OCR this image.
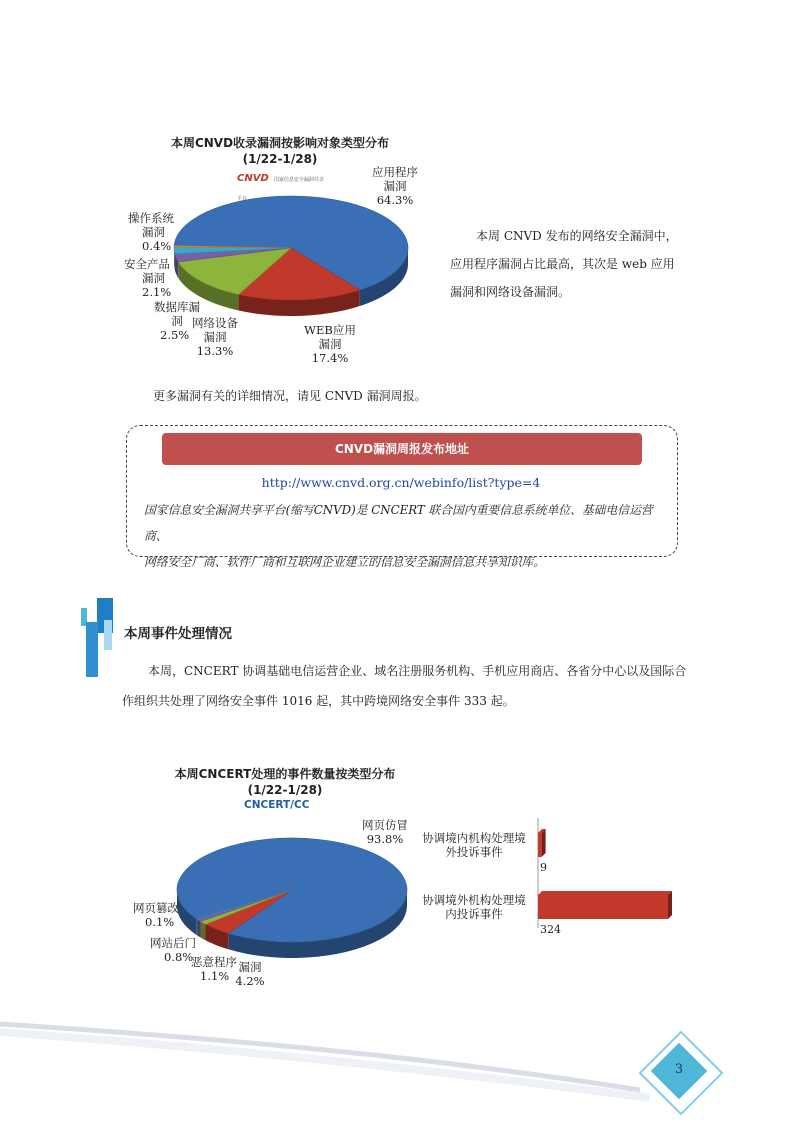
本周CNVD收录漏洞按影响对象类型分布
(1/22-1/28)
CNVD 国家信息安全漏洞共享平台
应用程序
漏洞
64.3%
WEB应用
漏洞
17.4%
网络设备
漏洞
13.3%
数据库漏
洞
2.5%
安全产品
漏洞
2.1%
操作系统
漏洞
0.4%
本周 CNVD 发布的网络安全漏洞中，
应用程序漏洞占比最高，其次是 web 应用
漏洞和网络设备漏洞。
更多漏洞有关的详细情况，请见 CNVD 漏洞周报。
CNVD漏洞周报发布地址
http://www.cnvd.org.cn/webinfo/list?type=4
国家信息安全漏洞共享平台(缩写CNVD)是 CNCERT 联合国内重要信息系统单位、基础电信运营商、
网络安全厂商、软件厂商和互联网企业建立的信息安全漏洞信息共享知识库。
本周事件处理情况
本周，CNCERT 协调基础电信运营企业、域名注册服务机构、手机应用商店、各省分中心以及国际合
作组织共处理了网络安全事件 1016 起，其中跨境网络安全事件 333 起。
本周CNCERT处理的事件数量按类型分布
(1/22-1/28)
CNCERT/CC
网页仿冒
93.8%
漏洞
4.2%
恶意程序
1.1%
网站后门
0.8%
网页篡改
0.1%
协调境内机构处理境
外投诉事件
协调境外机构处理境
内投诉事件
9
324
3
